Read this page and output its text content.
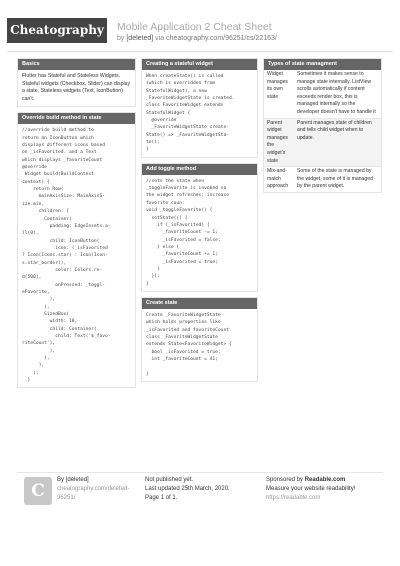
Cheatography Mobile Application 2 Cheat Sheet
by [deleted] via cheatography.com/96251/cs/22163/
Basics
Flutter has Stateful and Stateless Widgets. Stateful widgets (Checkbox, Slider) can display a state, Stateless widgets (Text, IconButton) can't.
Override build method in state
//override build method to
return an IconButton which
displays different icons based
on _isFavorited. and a Text
which displays _favoriteCount
@override
Widget build(BuildContext
context) {
return Row(
mainAxisSize: MainAxisS-
ize.min,
children: [
Container(
padding: EdgeInsets.a-
ll(0),
child: IconButton(
icon: (_isFavorited
? Icon(Icons.star) : Icon(Icon-
s.star_border)),
color: Colors.re-
d[500],
onPressed: _toggl-
eFavorite,
),
),
SizedBox(
width: 18,
child: Container(
child: Text('$_favo-
riteCount'),
),
),
],
);
}
Creating a stateful widget
When createState() is called
(which is overridden from
StatefulWidget), a new
_FavoriteWidgetState is created.
class FavoriteWidget extends
StatefulWidget {
@override
_FavoriteWidgetState create-
State() => _FavoriteWidgetSta-
te();
}
Add toggle method
//sets the state when
_toggleFavorite is invoked so
the widget refreshes; increase
favorite coun:
void _toggleFavorite() {
setState(() {
if (_isFavorited) {
_favoriteCount -= 1;
_isFavorited = false;
} else {
_favoriteCount += 1;
_isFavorited = true;
}
});
}
Create state
Create _FavoriteWidgetState
which holds properties like
_isFavorited and favoriteCount
class _FavoriteWidgetState
extends State<FavoriteWidget> {
bool _isFavorited = true;
int _favoriteCount = 41;

}
Types of state managment
Widget manages its own state	Sometimes it makes sense to manage state internally. ListView scrolls automatically if content exceeds render box, this is managed internally so the developer doesn't have to handle it
Parent widget manages the widget's state	Parent manages state of children and tells child widget when to update.
Mix-and-match approach	Some of the state is managed by the widget, some of it is managed by the parent widget.
C
By [deleted]
cheatography.com/deleted-96251/
Not published yet.
Last updated 25th March, 2020.
Page 1 of 1.
Sponsored by Readable.com
Measure your website readability!
https://readable.com
